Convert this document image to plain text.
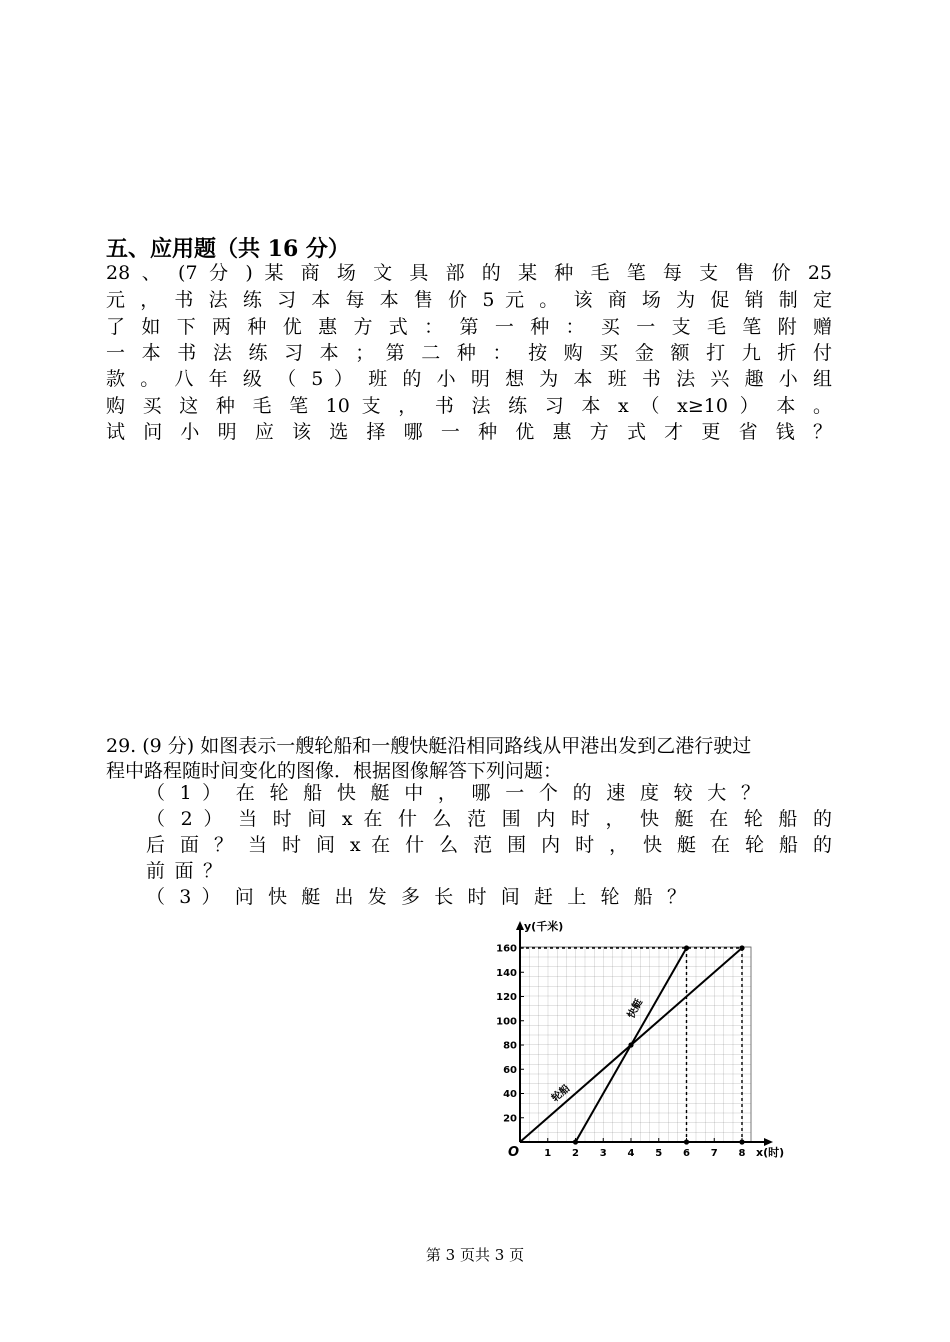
五、应用题（共 16 分）
28 、 (7 分 ) 某 商 场 文 具 部 的 某 种 毛 笔 每 支 售 价 25
元 ， 书 法 练 习 本 每 本 售 价 5 元 。 该 商 场 为 促 销 制 定
了 如 下 两 种 优 惠 方 式 ： 第 一 种 ： 买 一 支 毛 笔 附 赠
一 本 书 法 练 习 本 ； 第 二 种 ： 按 购 买 金 额 打 九 折 付
款 。 八 年 级 （ 5 ） 班 的 小 明 想 为 本 班 书 法 兴 趣 小 组
购 买 这 种 毛 笔 10 支 ， 书 法 练 习 本 x （ x≥10 ） 本 。
试 问 小 明 应 该 选 择 哪 一 种 优 惠 方 式 才 更 省 钱 ？
29. (9 分) 如图表示一艘轮船和一艘快艇沿相同路线从甲港出发到乙港行驶过
程中路程随时间变化的图像．根据图像解答下列问题：
（ 1 ） 在 轮 船 快 艇 中 ， 哪 一 个 的 速 度 较 大 ？
（ 2 ） 当 时 间 x 在 什 么 范 围 内 时 ， 快 艇 在 轮 船 的
后 面 ？ 当 时 间 x 在 什 么 范 围 内 时 ， 快 艇 在 轮 船 的
前 面 ？
（ 3 ） 问 快 艇 出 发 多 长 时 间 赶 上 轮 船 ？
y(千米)
x(时)
O	1 2 3 4 5 6 7 8
20
40
60
80
100
120
140
160
轮船
快艇
第 3 页共 3 页
